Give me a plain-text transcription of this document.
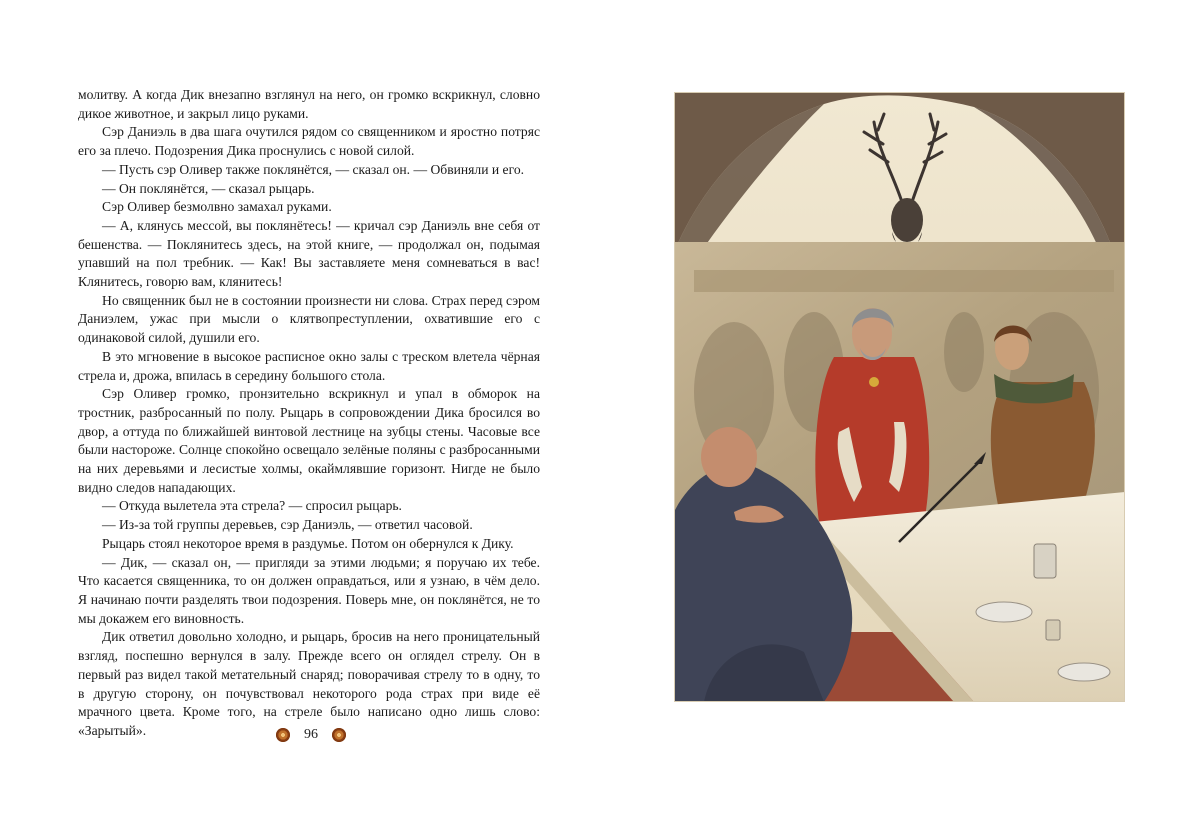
молитву. А когда Дик внезапно взглянул на него, он громко вскрикнул, словно дикое животное, и закрыл лицо руками.

Сэр Даниэль в два шага очутился рядом со священником и яростно потряс его за плечо. Подозрения Дика проснулись с новой силой.

— Пусть сэр Оливер также поклянётся, — сказал он. — Обвиняли и его.

— Он поклянётся, — сказал рыцарь.

Сэр Оливер безмолвно замахал руками.

— А, клянусь мессой, вы поклянётесь! — кричал сэр Даниэль вне себя от бешенства. — Поклянитесь здесь, на этой книге, — продолжал он, подымая упавший на пол требник. — Как! Вы заставляете меня сомневаться в вас! Клянитесь, говорю вам, клянитесь!

Но священник был не в состоянии произнести ни слова. Страх перед сэром Даниэлем, ужас при мысли о клятвопреступлении, охватившие его с одинаковой силой, душили его.

В это мгновение в высокое расписное окно залы с треском влетела чёрная стрела и, дрожа, впилась в середину большого стола.

Сэр Оливер громко, пронзительно вскрикнул и упал в обморок на тростник, разбросанный по полу. Рыцарь в сопровождении Дика бросился во двор, а оттуда по ближайшей винтовой лестнице на зубцы стены. Часовые все были настороже. Солнце спокойно освещало зелёные поляны с разбросанными на них деревьями и лесистые холмы, окаймлявшие горизонт. Нигде не было видно следов нападающих.

— Откуда вылетела эта стрела? — спросил рыцарь.

— Из-за той группы деревьев, сэр Даниэль, — ответил часовой.

Рыцарь стоял некоторое время в раздумье. Потом он обернулся к Дику.

— Дик, — сказал он, — пригляди за этими людьми; я поручаю их тебе. Что касается священника, то он должен оправдаться, или я узнаю, в чём дело. Я начинаю почти разделять твои подозрения. Поверь мне, он поклянётся, не то мы докажем его виновность.

Дик ответил довольно холодно, и рыцарь, бросив на него проницательный взгляд, поспешно вернулся в залу. Прежде всего он оглядел стрелу. Он в первый раз видел такой метательный снаряд; поворачивая стрелу то в одну, то в другую сторону, он почувствовал некоторого рода страх при виде её мрачного цвета. Кроме того, на стреле было написано одно лишь слово: «Зарытый».	96
